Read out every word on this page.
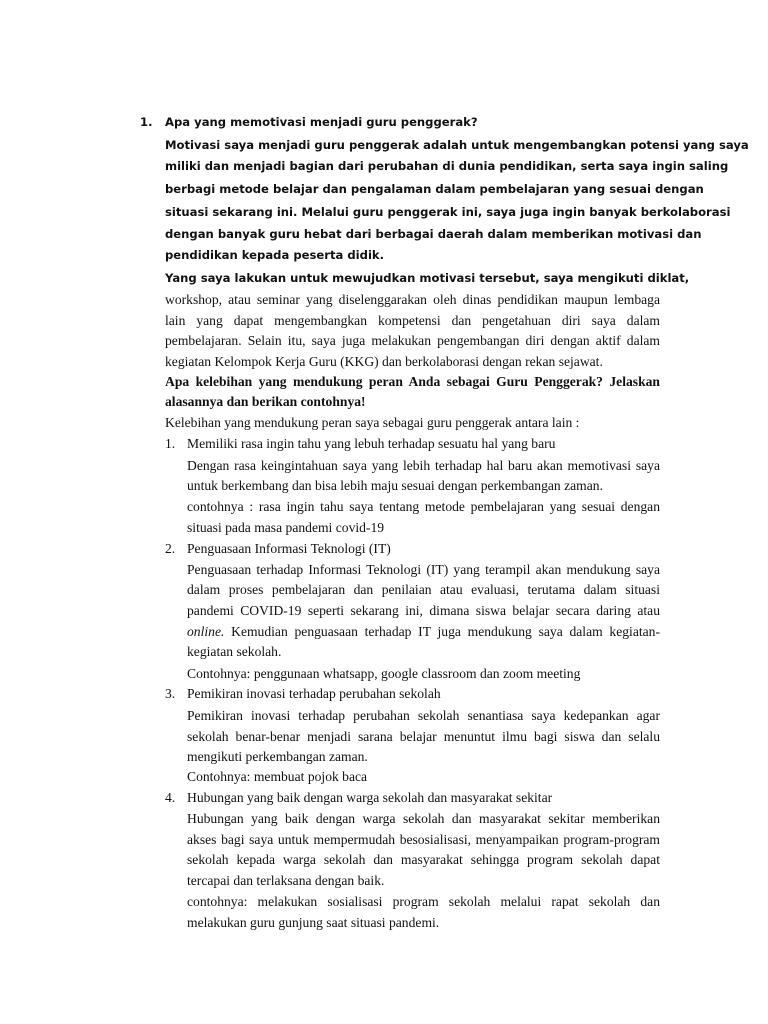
1. Apa yang memotivasi menjadi guru penggerak?
Motivasi saya menjadi guru penggerak adalah untuk mengembangkan potensi yang saya
miliki dan menjadi bagian dari perubahan di dunia pendidikan, serta saya ingin saling
berbagi metode belajar dan pengalaman dalam pembelajaran yang sesuai dengan
situasi sekarang ini. Melalui guru penggerak ini, saya juga ingin banyak berkolaborasi
dengan banyak guru hebat dari berbagai daerah dalam memberikan motivasi dan
pendidikan kepada peserta didik.
Yang saya lakukan untuk mewujudkan motivasi tersebut, saya mengikuti diklat,
workshop, atau seminar yang diselenggarakan oleh dinas pendidikan maupun lembaga
lain yang dapat mengembangkan kompetensi dan pengetahuan diri saya dalam
pembelajaran. Selain itu, saya juga melakukan pengembangan diri dengan aktif dalam
kegiatan Kelompok Kerja Guru (KKG) dan berkolaborasi dengan rekan sejawat.
Apa kelebihan yang mendukung peran Anda sebagai Guru Penggerak? Jelaskan
alasannya dan berikan contohnya!
Kelebihan yang mendukung peran saya sebagai guru penggerak antara lain :
1. Memiliki rasa ingin tahu yang lebuh terhadap sesuatu hal yang baru
Dengan rasa keingintahuan saya yang lebih terhadap hal baru akan memotivasi saya
untuk berkembang dan bisa lebih maju sesuai dengan perkembangan zaman.
contohnya : rasa ingin tahu saya tentang metode pembelajaran yang sesuai dengan
situasi pada masa pandemi covid-19
2. Penguasaan Informasi Teknologi (IT)
Penguasaan terhadap Informasi Teknologi (IT) yang terampil akan mendukung saya
dalam proses pembelajaran dan penilaian atau evaluasi, terutama dalam situasi
pandemi COVID-19 seperti sekarang ini, dimana siswa belajar secara daring atau
online. Kemudian penguasaan terhadap IT juga mendukung saya dalam kegiatan-
kegiatan sekolah.
Contohnya: penggunaan whatsapp, google classroom dan zoom meeting
3. Pemikiran inovasi terhadap perubahan sekolah
Pemikiran inovasi terhadap perubahan sekolah senantiasa saya kedepankan agar
sekolah benar-benar menjadi sarana belajar menuntut ilmu bagi siswa dan selalu
mengikuti perkembangan zaman.
Contohnya: membuat pojok baca
4. Hubungan yang baik dengan warga sekolah dan masyarakat sekitar
Hubungan yang baik dengan warga sekolah dan masyarakat sekitar memberikan
akses bagi saya untuk mempermudah besosialisasi, menyampaikan program-program
sekolah kepada warga sekolah dan masyarakat sehingga program sekolah dapat
tercapai dan terlaksana dengan baik.
contohnya: melakukan sosialisasi program sekolah melalui rapat sekolah dan
melakukan guru gunjung saat situasi pandemi.
